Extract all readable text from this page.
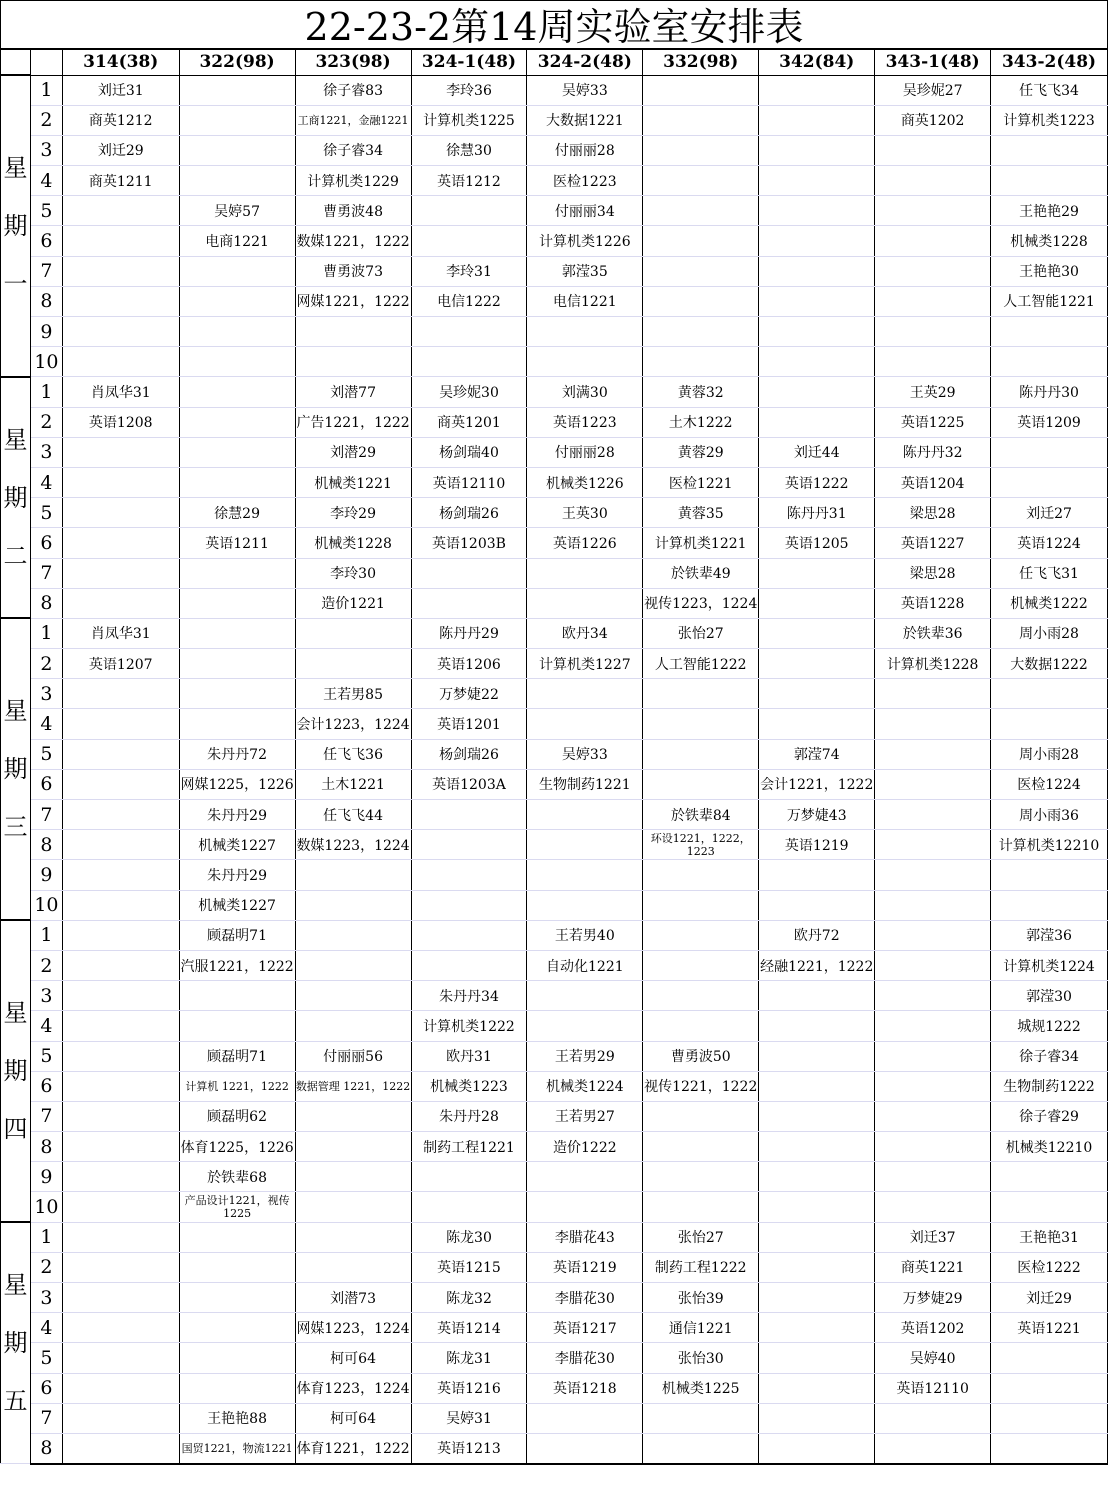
22-23-2第14周实验室安排表
		314(38)	322(98)	323(98)	324-1(48)	324-2(48)	332(98)	342(84)	343-1(48)	343-2(48)

星
期
一	1	刘迁31		徐子睿83	李玲36	吴婷33			吴珍妮27	任飞飞34
	2	商英1212		工商1221，金融1221	计算机类1225	大数据1221			商英1202	计算机类1223
	3	刘迁29		徐子睿34	徐慧30	付丽丽28				
	4	商英1211		计算机类1229	英语1212	医检1223				
	5		吴婷57	曹勇波48		付丽丽34				王艳艳29
	6		电商1221	数媒1221，1222		计算机类1226				机械类1228
	7			曹勇波73	李玲31	郭滢35				王艳艳30
	8			网媒1221，1222	电信1222	电信1221				人工智能1221
	9									
	10									

星
期
二	1	肖凤华31		刘潜77	吴珍妮30	刘满30	黄蓉32		王英29	陈丹丹30
	2	英语1208		广告1221，1222	商英1201	英语1223	土木1222		英语1225	英语1209
	3			刘潜29	杨剑瑞40	付丽丽28	黄蓉29	刘迁44	陈丹丹32	
	4			机械类1221	英语12110	机械类1226	医检1221	英语1222	英语1204	
	5		徐慧29	李玲29	杨剑瑞26	王英30	黄蓉35	陈丹丹31	梁思28	刘迁27
	6		英语1211	机械类1228	英语1203B	英语1226	计算机类1221	英语1205	英语1227	英语1224
	7			李玲30			於铁辈49		梁思28	任飞飞31
	8			造价1221			视传1223，1224		英语1228	机械类1222

星
期
三	1	肖凤华31			陈丹丹29	欧丹34	张怡27		於铁辈36	周小雨28
	2	英语1207			英语1206	计算机类1227	人工智能1222		计算机类1228	大数据1222
	3			王若男85	万梦婕22					
	4			会计1223，1224	英语1201					
	5		朱丹丹72	任飞飞36	杨剑瑞26	吴婷33		郭滢74		周小雨28
	6		网媒1225，1226	土木1221	英语1203A	生物制药1221		会计1221，1222		医检1224
	7		朱丹丹29	任飞飞44			於铁辈84	万梦婕43		周小雨36
	8		机械类1227	数媒1223，1224			环设1221，1222，1223	英语1219		计算机类12210
	9		朱丹丹29							
	10		机械类1227							

星
期
四	1		顾磊明71			王若男40		欧丹72		郭滢36
	2		汽服1221，1222			自动化1221		经融1221，1222		计算机类1224
	3				朱丹丹34					郭滢30
	4				计算机类1222					城规1222
	5		顾磊明71	付丽丽56	欧丹31	王若男29	曹勇波50			徐子睿34
	6		计算机 1221，1222	数据管理 1221，1222	机械类1223	机械类1224	视传1221，1222			生物制药1222
	7		顾磊明62		朱丹丹28	王若男27				徐子睿29
	8		体育1225，1226		制药工程1221	造价1222				机械类12210
	9		於铁辈68							
	10		产品设计1221，视传1225							

星
期
五	1				陈龙30	李腊花43	张怡27		刘迁37	王艳艳31
	2				英语1215	英语1219	制药工程1222		商英1221	医检1222
	3			刘潜73	陈龙32	李腊花30	张怡39		万梦婕29	刘迁29
	4			网媒1223，1224	英语1214	英语1217	通信1221		英语1202	英语1221
	5			柯可64	陈龙31	李腊花30	张怡30		吴婷40	
	6			体育1223，1224	英语1216	英语1218	机械类1225		英语12110	
	7		王艳艳88	柯可64	吴婷31					
	8		国贸1221，物流1221	体育1221，1222	英语1213					
